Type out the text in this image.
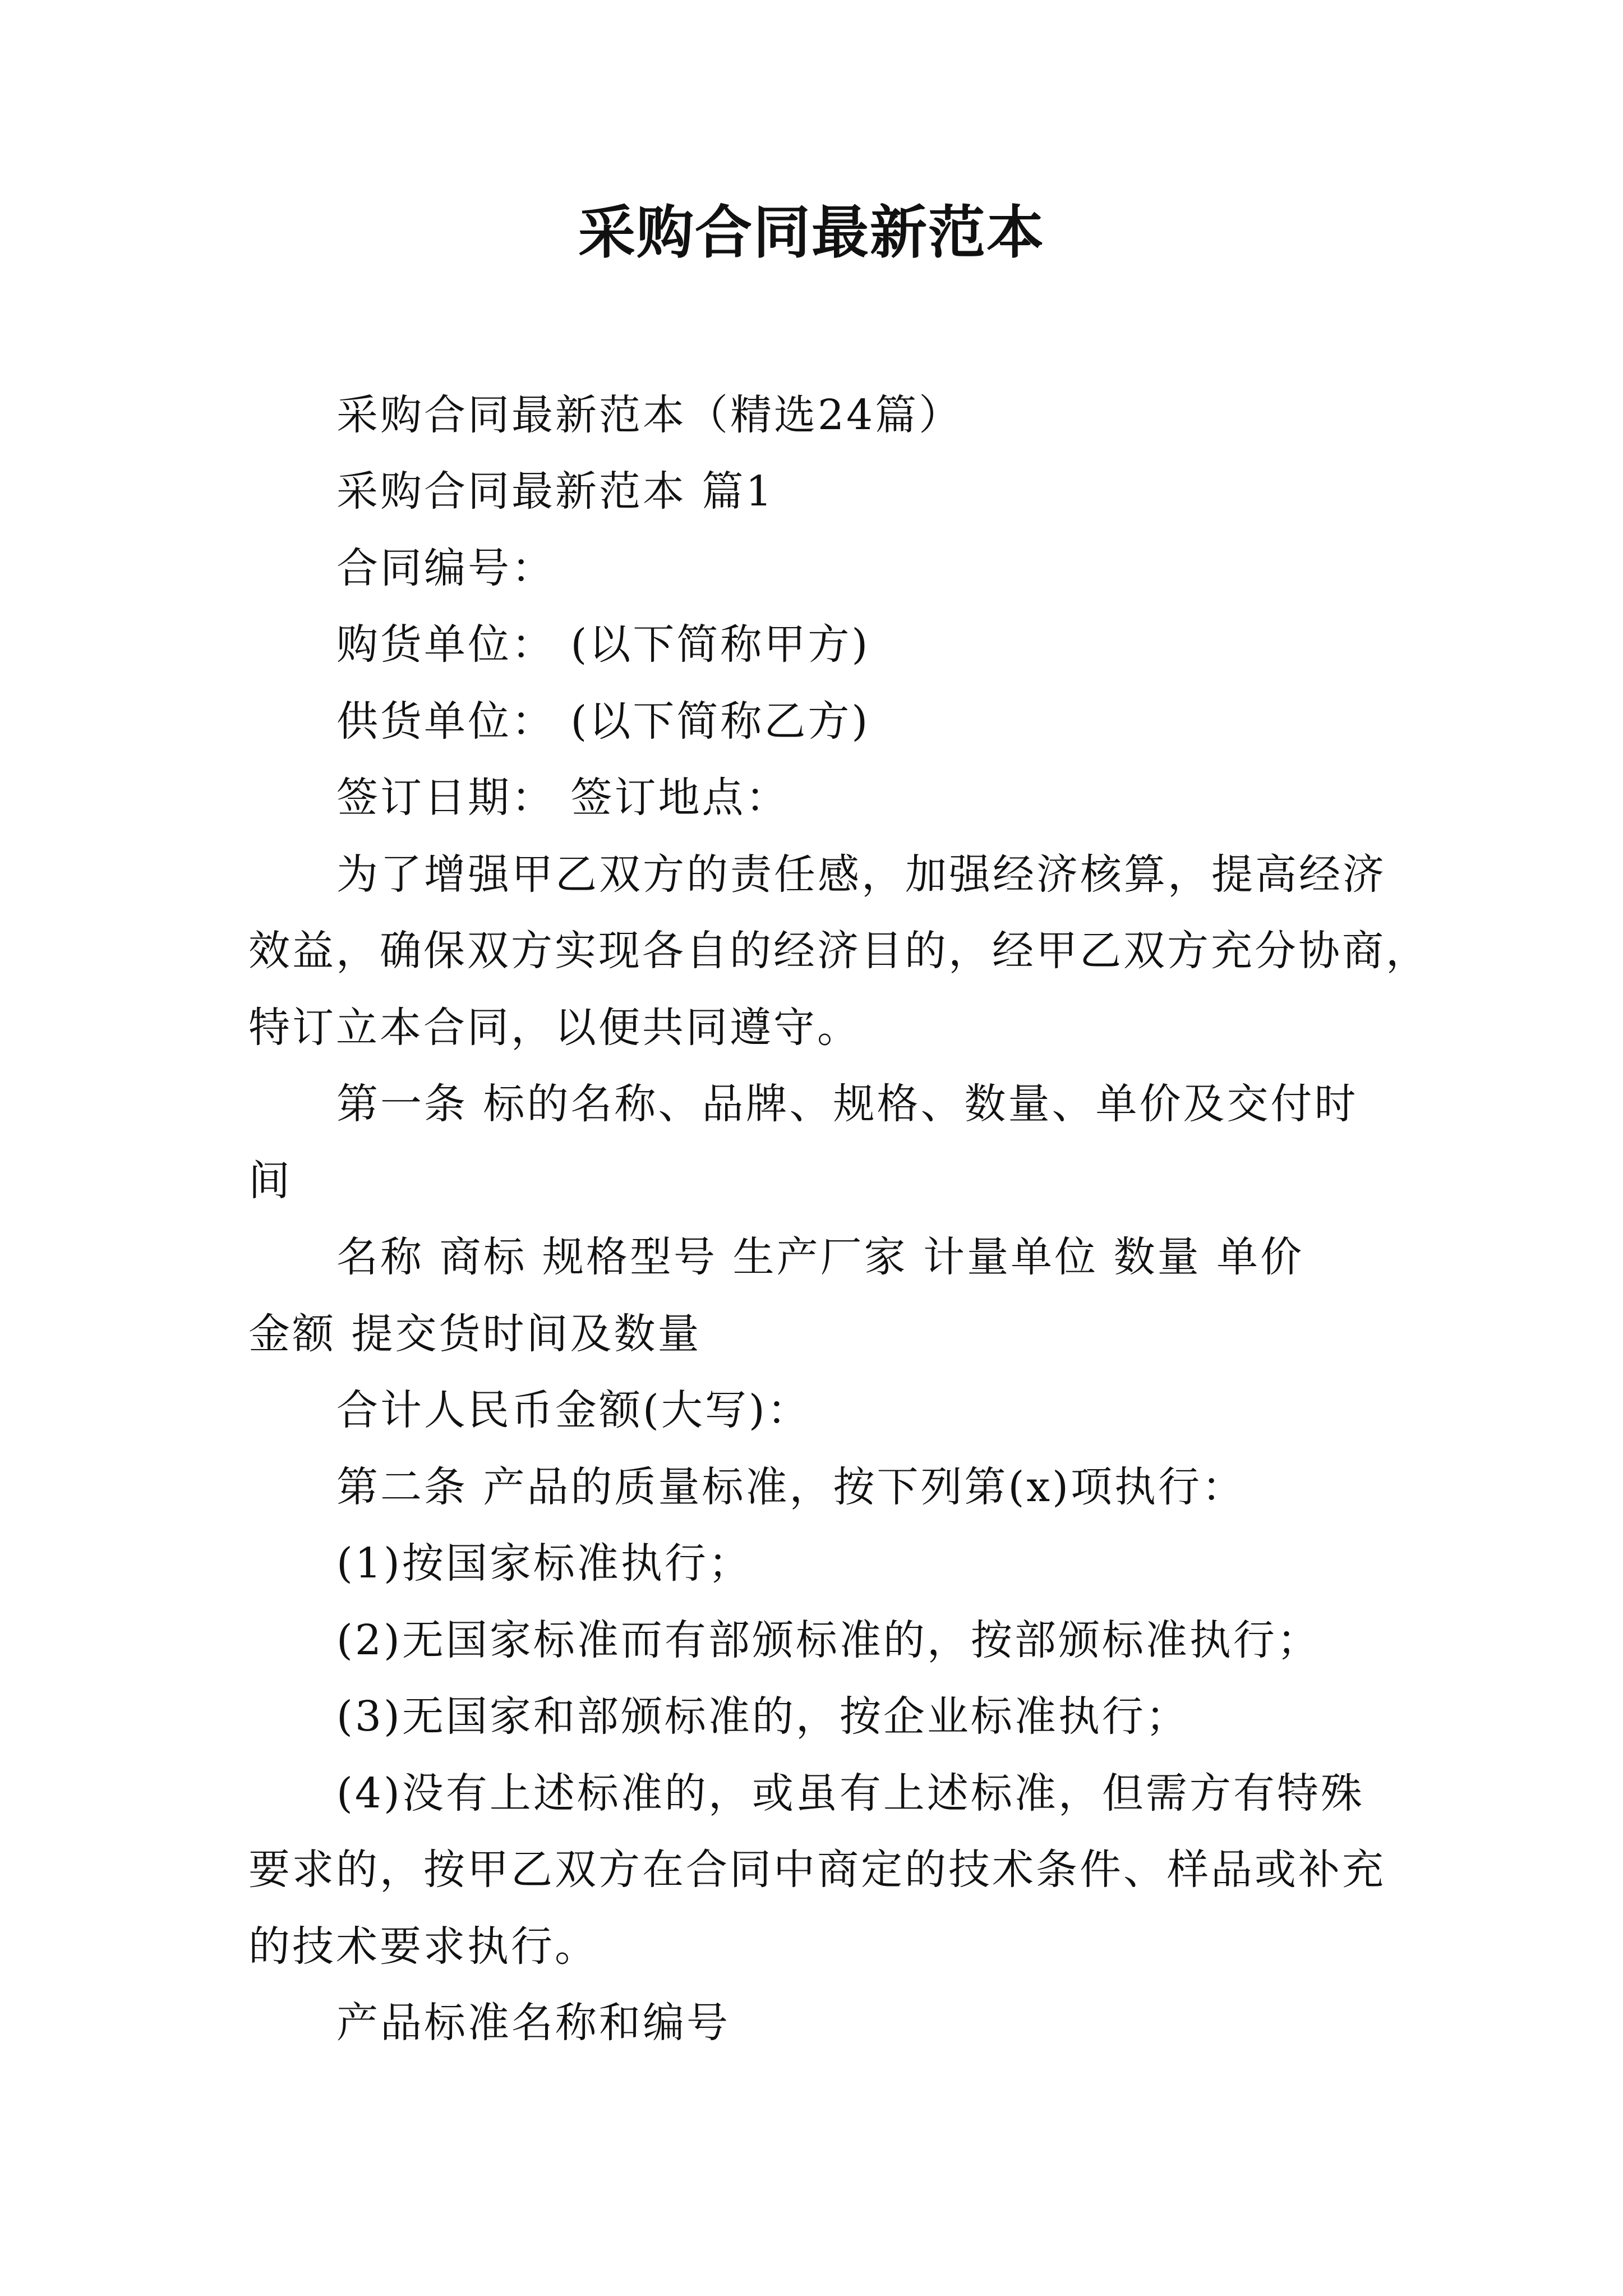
采购合同最新范本
采购合同最新范本（精选24篇）
采购合同最新范本 篇1
合同编号：
购货单位： (以下简称甲方)
供货单位： (以下简称乙方)
签订日期： 签订地点：
为了增强甲乙双方的责任感，加强经济核算，提高经济
效益，确保双方实现各自的经济目的，经甲乙双方充分协商，
特订立本合同，以便共同遵守。
第一条 标的名称、品牌、规格、数量、单价及交付时
间
名称 商标 规格型号 生产厂家 计量单位 数量 单价
金额 提交货时间及数量
合计人民币金额(大写)：
第二条 产品的质量标准，按下列第(x)项执行：
(1)按国家标准执行；
(2)无国家标准而有部颁标准的，按部颁标准执行；
(3)无国家和部颁标准的，按企业标准执行；
(4)没有上述标准的，或虽有上述标准，但需方有特殊
要求的，按甲乙双方在合同中商定的技术条件、样品或补充
的技术要求执行。
产品标准名称和编号
